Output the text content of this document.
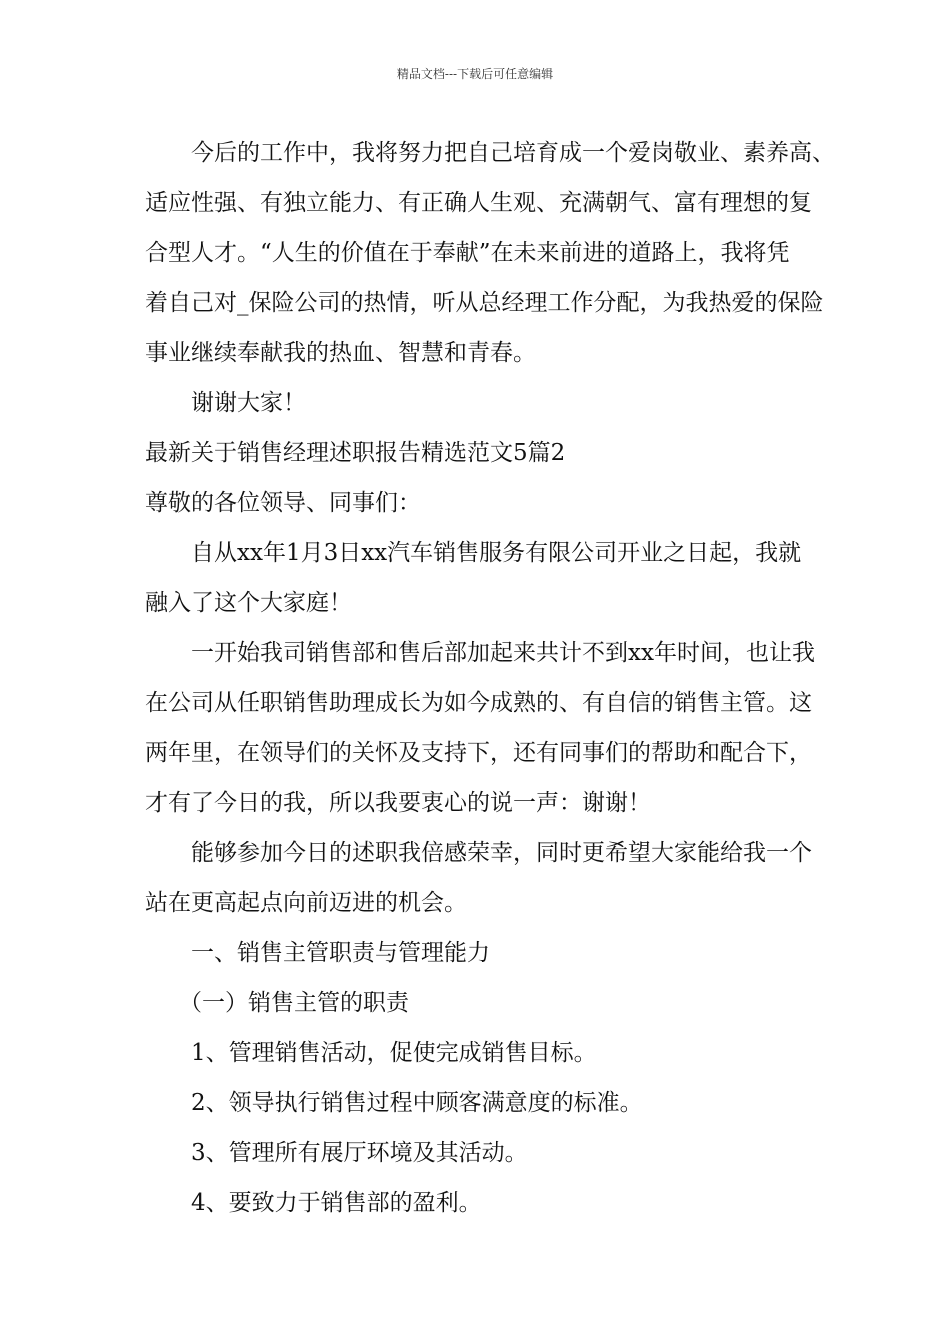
精品文档---下载后可任意编辑

今后的工作中，我将努力把自己培育成一个爱岗敬业、素养高、

适应性强、有独立能力、有正确人生观、充满朝气、富有理想的复

合型人才。“人生的价值在于奉献”在未来前进的道路上，我将凭

着自己对_保险公司的热情，听从总经理工作分配，为我热爱的保险

事业继续奉献我的热血、智慧和青春。

谢谢大家！

最新关于销售经理述职报告精选范文5篇2

尊敬的各位领导、同事们：

自从xx年1月3日xx汽车销售服务有限公司开业之日起，我就

融入了这个大家庭！

一开始我司销售部和售后部加起来共计不到xx年时间，也让我

在公司从任职销售助理成长为如今成熟的、有自信的销售主管。这

两年里，在领导们的关怀及支持下，还有同事们的帮助和配合下，

才有了今日的我，所以我要衷心的说一声：谢谢！

能够参加今日的述职我倍感荣幸，同时更希望大家能给我一个

站在更高起点向前迈进的机会。

一、销售主管职责与管理能力

（一）销售主管的职责

1、管理销售活动，促使完成销售目标。

2、领导执行销售过程中顾客满意度的标准。

3、管理所有展厅环境及其活动。

4、要致力于销售部的盈利。
